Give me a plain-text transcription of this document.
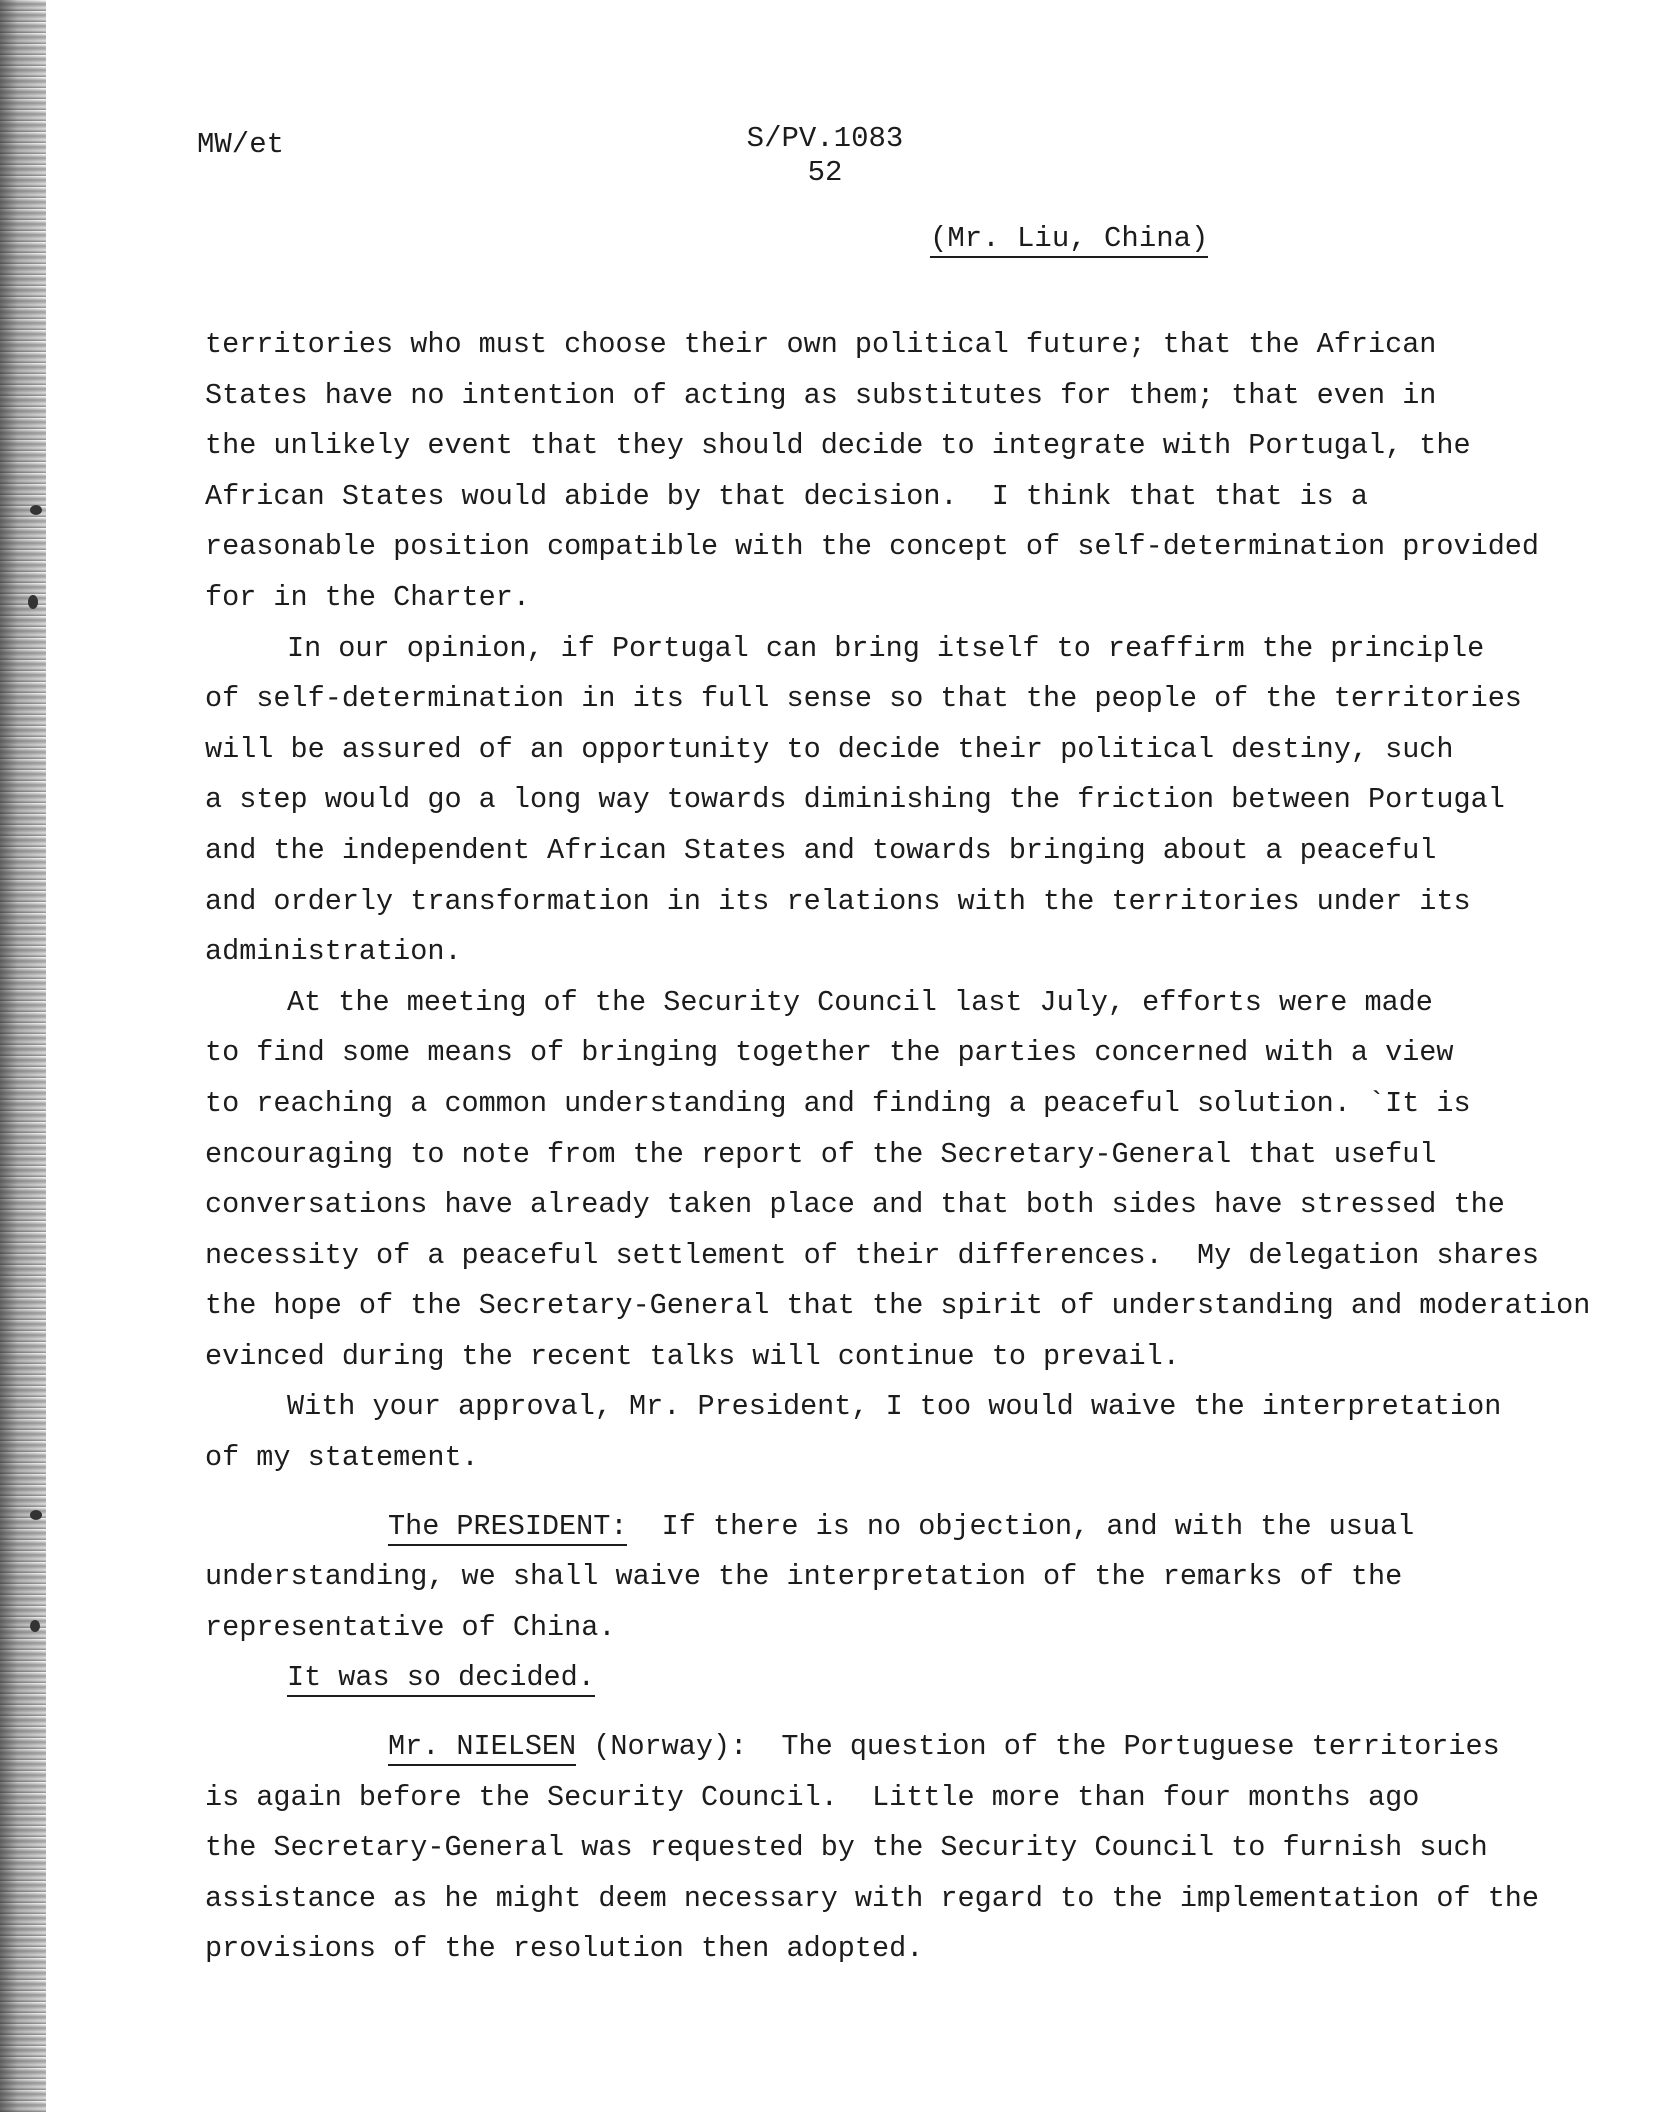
MW/et	S/PV.1083
52
(Mr. Liu, China)

territories who must choose their own political future; that the African

States have no intention of acting as substitutes for them; that even in

the unlikely event that they should decide to integrate with Portugal, the

African States would abide by that decision.  I think that that is a

reasonable position compatible with the concept of self-determination provided

for in the Charter.

In our opinion, if Portugal can bring itself to reaffirm the principle

of self-determination in its full sense so that the people of the territories

will be assured of an opportunity to decide their political destiny, such

a step would go a long way towards diminishing the friction between Portugal

and the independent African States and towards bringing about a peaceful

and orderly transformation in its relations with the territories under its

administration.

At the meeting of the Security Council last July, efforts were made

to find some means of bringing together the parties concerned with a view

to reaching a common understanding and finding a peaceful solution. `It is

encouraging to note from the report of the Secretary-General that useful

conversations have already taken place and that both sides have stressed the

necessity of a peaceful settlement of their differences.  My delegation shares

the hope of the Secretary-General that the spirit of understanding and moderation

evinced during the recent talks will continue to prevail.

With your approval, Mr. President, I too would waive the interpretation

of my statement.

The PRESIDENT: If there is no objection, and with the usual

understanding, we shall waive the interpretation of the remarks of the

representative of China.

It was so decided.

Mr. NIELSEN (Norway): The question of the Portuguese territories

is again before the Security Council.  Little more than four months ago

the Secretary-General was requested by the Security Council to furnish such

assistance as he might deem necessary with regard to the implementation of the

provisions of the resolution then adopted.
